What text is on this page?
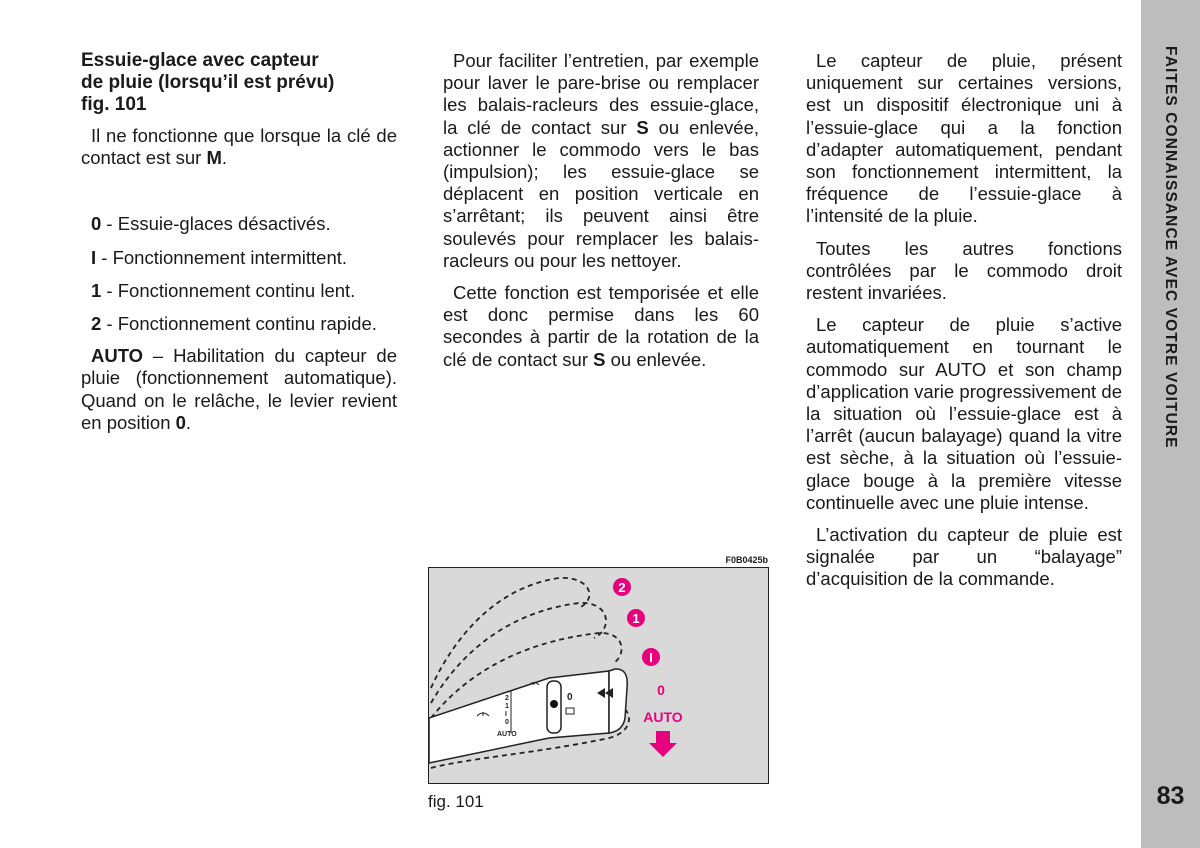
Essuie-glace avec capteur
de pluie (lorsqu’il est prévu)
fig. 101

Il ne fonctionne que lorsque la clé de contact est sur M.

0 - Essuie-glaces désactivés.

I - Fonctionnement intermittent.

1 - Fonctionnement continu lent.

2 - Fonctionnement continu rapide.

AUTO – Habilitation du capteur de pluie (fonctionnement automatique). Quand on le relâche, le levier revient en position 0.

Pour faciliter l’entretien, par exemple pour laver le pare-brise ou remplacer les balais-racleurs des essuie-glace, la clé de contact sur S ou enlevée, actionner le commodo vers le bas (impulsion); les essuie-glace se déplacent en position verticale en s’arrêtant; ils peuvent ainsi être soulevés pour remplacer les balais-racleurs ou pour les nettoyer.

Cette fonction est temporisée et elle est donc permise dans les 60 secondes à partir de la rotation de la clé de contact sur S ou enlevée.

Le capteur de pluie, présent uniquement sur certaines versions, est un dispositif électronique uni à l’essuie-glace qui a la fonction d’adapter automatiquement, pendant son fonctionnement intermittent, la fréquence de l’essuie-glace à l’intensité de la pluie.

Toutes les autres fonctions contrôlées par le commodo droit restent invariées.

Le capteur de pluie s’active automatiquement en tournant le commodo sur AUTO et son champ d’application varie progressivement de la situation où l’essuie-glace est à l’arrêt (aucun balayage) quand la vitre est sèche, à la situation où l’essuie-glace bouge à la première vitesse continuelle avec une pluie intense.

L’activation du capteur de pluie est signalée par un “balayage” d’acquisition de la commande.

F0B0425b
2
1
I
0
AUTO
0
2
1
I
0
AUTO
fig. 101
FAITES CONNAISSANCE AVEC VOTRE VOITURE
83
